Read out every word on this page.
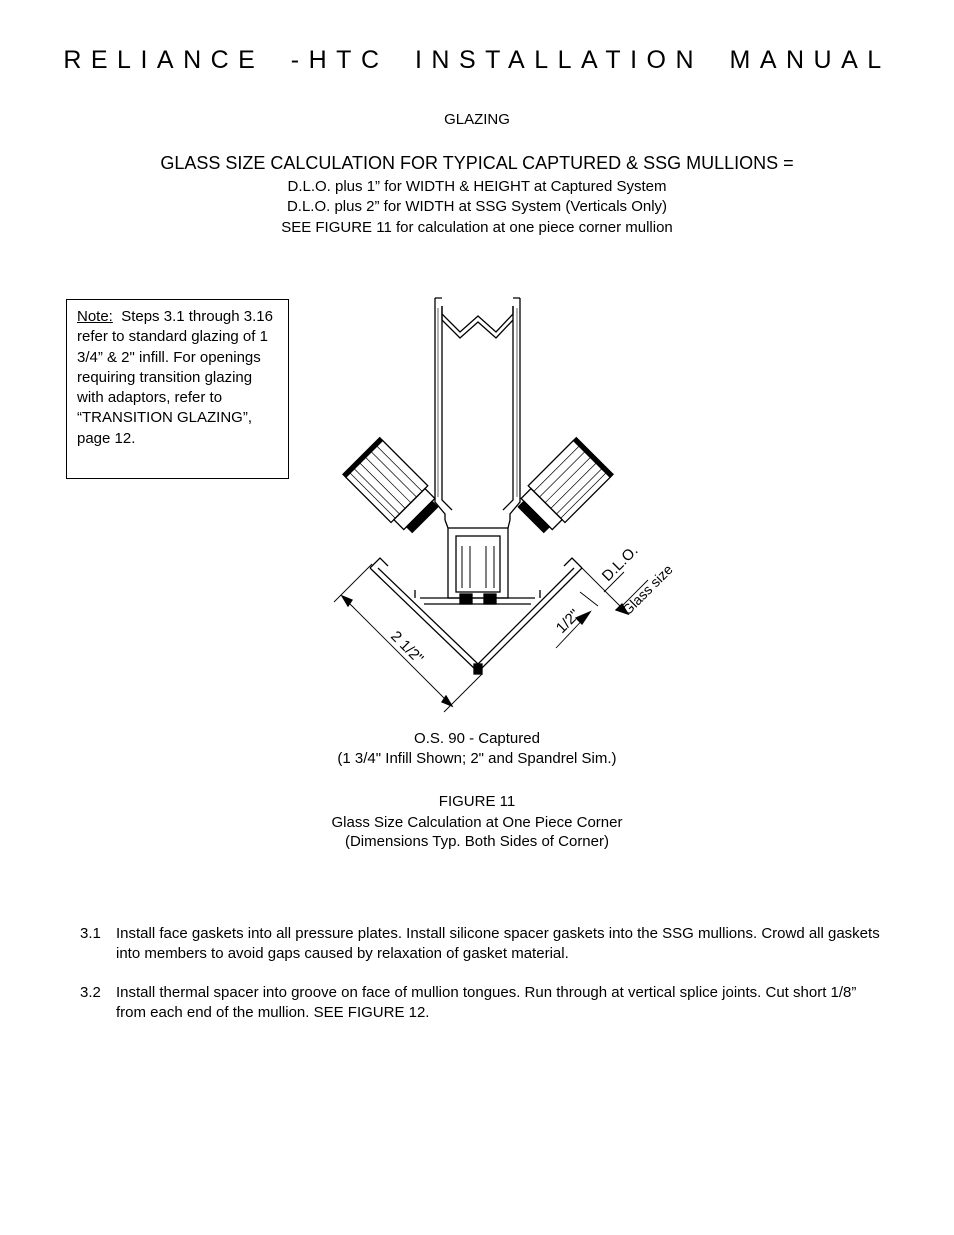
RELIANCE -HTC INSTALLATION MANUAL
GLAZING
GLASS SIZE CALCULATION FOR TYPICAL CAPTURED & SSG MULLIONS =
D.L.O. plus 1” for WIDTH & HEIGHT at Captured System
D.L.O. plus 2” for WIDTH at SSG System (Verticals Only)
SEE FIGURE 11 for calculation at one piece corner mullion
Note: Steps 3.1 through 3.16 refer to standard glazing of 1 3/4” & 2" infill. For openings requiring transition glazing with adaptors, refer to “TRANSITION GLAZING”, page 12.
2 1/2"
1/2"
D.L.O.
Glass size
O.S. 90 - Captured
(1 3/4" Infill Shown; 2" and Spandrel Sim.)
FIGURE 11
Glass Size Calculation at One Piece Corner
(Dimensions Typ. Both Sides of Corner)
3.1	Install face gaskets into all pressure plates. Install silicone spacer gaskets into the SSG mullions. Crowd all gaskets into members to avoid gaps caused by relaxation of gasket material.
3.2	Install thermal spacer into groove on face of mullion tongues. Run through at vertical splice joints. Cut short 1/8” from each end of the mullion. SEE FIGURE 12.
